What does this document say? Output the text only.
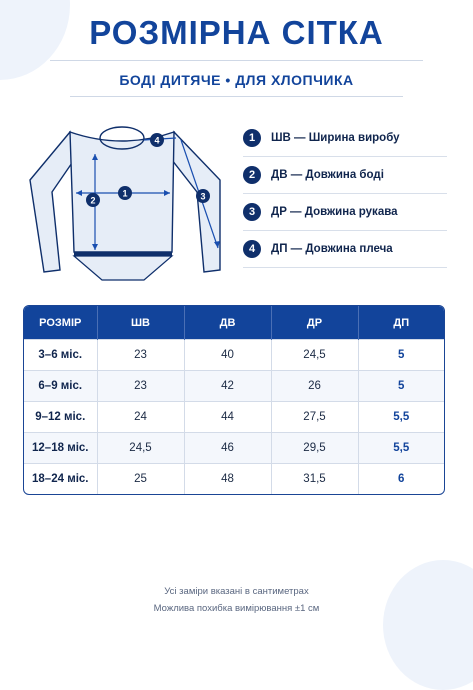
РОЗМІРНА СІТКА
БОДІ ДИТЯЧЕ • ДЛЯ ХЛОПЧИКА
1
2	3
4	1	ШВ — Ширина виробу
2	ДВ — Довжина боді
3	ДР — Довжина рукава
4	ДП — Довжина плеча
РОЗМІР	ШВ	ДВ	ДР	ДП
3–6 міс.	23	40	24,5	5
6–9 міс.	23	42	26	5
9–12 міс.	24	44	27,5	5,5
12–18 міс.	24,5	46	29,5	5,5
18–24 міс.	25	48	31,5	6
Усі заміри вказані в сантиметрах
Можлива похибка вимірювання ±1 см
